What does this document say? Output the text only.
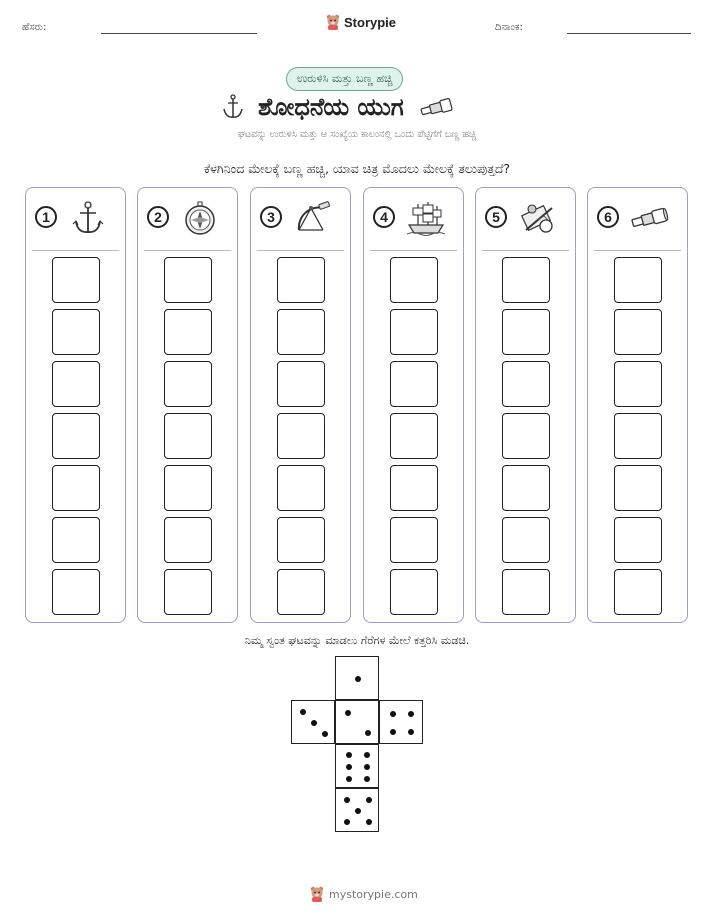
ಹೆಸರು:	Storypie	ದಿನಾಂಕ:
ಉರುಳಿಸಿ ಮತ್ತು ಬಣ್ಣ ಹಚ್ಚಿ
ಶೋಧನೆಯ ಯುಗ
ಘಟವನ್ನು ಉರುಳಿಸಿ ಮತ್ತು ಆ ಸಂಖ್ಯೆಯ ಕಾಲಂನಲ್ಲಿ ಒಂದು ಪೆಟ್ಟಿಗೆಗೆ ಬಣ್ಣ ಹಚ್ಚಿ
ಕೆಳಗಿನಿಂದ ಮೇಲಕ್ಕೆ ಬಣ್ಣ ಹಚ್ಚಿ, ಯಾವ ಚಿತ್ರ ಮೊದಲು ಮೇಲಕ್ಕೆ ತಲುಪುತ್ತದೆ?
1	2	3	4	5	6
ನಿಮ್ಮ ಸ್ವಂತ ಘಟವನ್ನು ಮಾಡಲು ಗೆರೆಗಳ ಮೇಲೆ ಕತ್ತರಿಸಿ ಮಡಚಿ.
mystorypie.com
